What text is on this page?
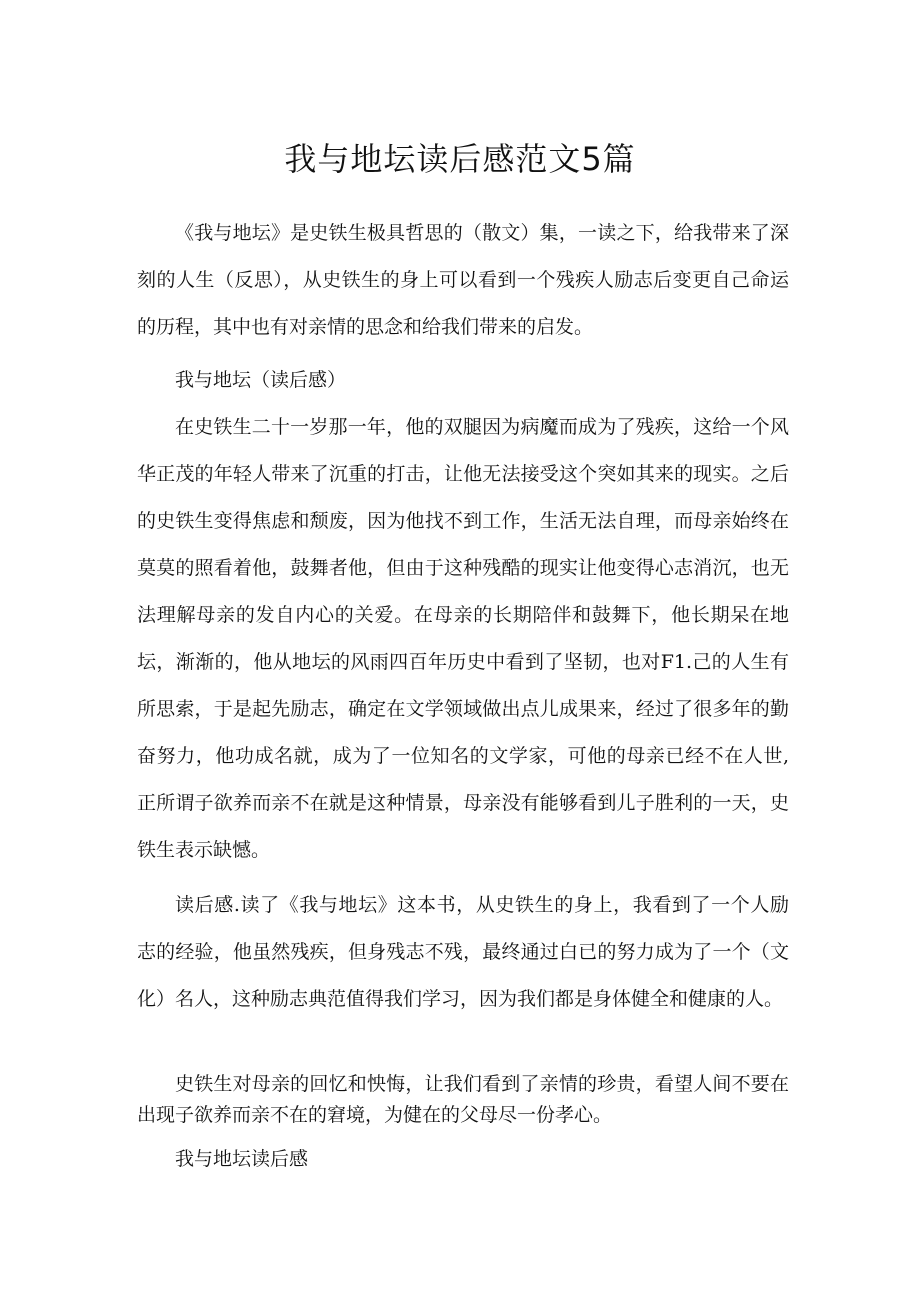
我与地坛读后感范文5篇

《我与地坛》是史铁生极具哲思的（散文）集，一读之下，给我带来了深刻的人生（反思），从史铁生的身上可以看到一个残疾人励志后变更自己命运的历程，其中也有对亲情的思念和给我们带来的启发。

我与地坛（读后感）

在史铁生二十一岁那一年，他的双腿因为病魔而成为了残疾，这给一个风华正茂的年轻人带来了沉重的打击，让他无法接受这个突如其来的现实。之后的史铁生变得焦虑和颓废，因为他找不到工作，生活无法自理，而母亲始终在莫莫的照看着他，鼓舞者他，但由于这种残酷的现实让他变得心志消沉，也无法理解母亲的发自内心的关爱。在母亲的长期陪伴和鼓舞下，他长期呆在地坛，渐渐的，他从地坛的风雨四百年历史中看到了坚韧，也对F1.己的人生有所思索，于是起先励志，确定在文学领域做出点儿成果来，经过了很多年的勤奋努力，他功成名就，成为了一位知名的文学家，可他的母亲已经不在人世,正所谓子欲养而亲不在就是这种情景，母亲没有能够看到儿子胜利的一天，史铁生表示缺憾。

读后感.读了《我与地坛》这本书，从史铁生的身上，我看到了一个人励志的经验，他虽然残疾，但身残志不残，最终通过白已的努力成为了一个（文化）名人，这种励志典范值得我们学习，因为我们都是身体健全和健康的人。

史铁生对母亲的回忆和怏悔，让我们看到了亲情的珍贵，看望人间不要在出现子欲养而亲不在的窘境，为健在的父母尽一份孝心。

我与地坛读后感
